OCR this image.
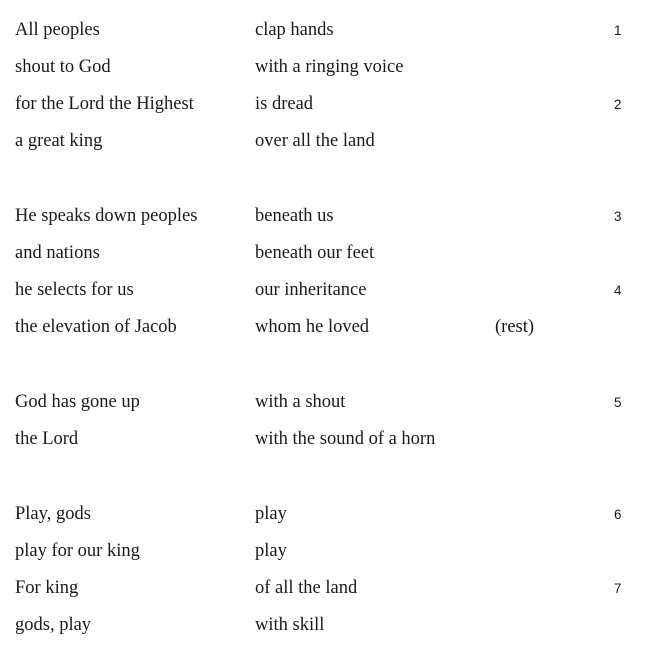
All peoples	clap hands	1
shout to God	with a ringing voice
for the Lord the Highest	is dread	2
a great king	over all the land
He speaks down peoples	beneath us	3
and nations	beneath our feet
he selects for us	our inheritance	4
the elevation of Jacob	whom he loved	(rest)
God has gone up	with a shout	5
the Lord	with the sound of a horn
Play, gods	play	6
play for our king	play
For king	of all the land	7
gods, play	with skill
